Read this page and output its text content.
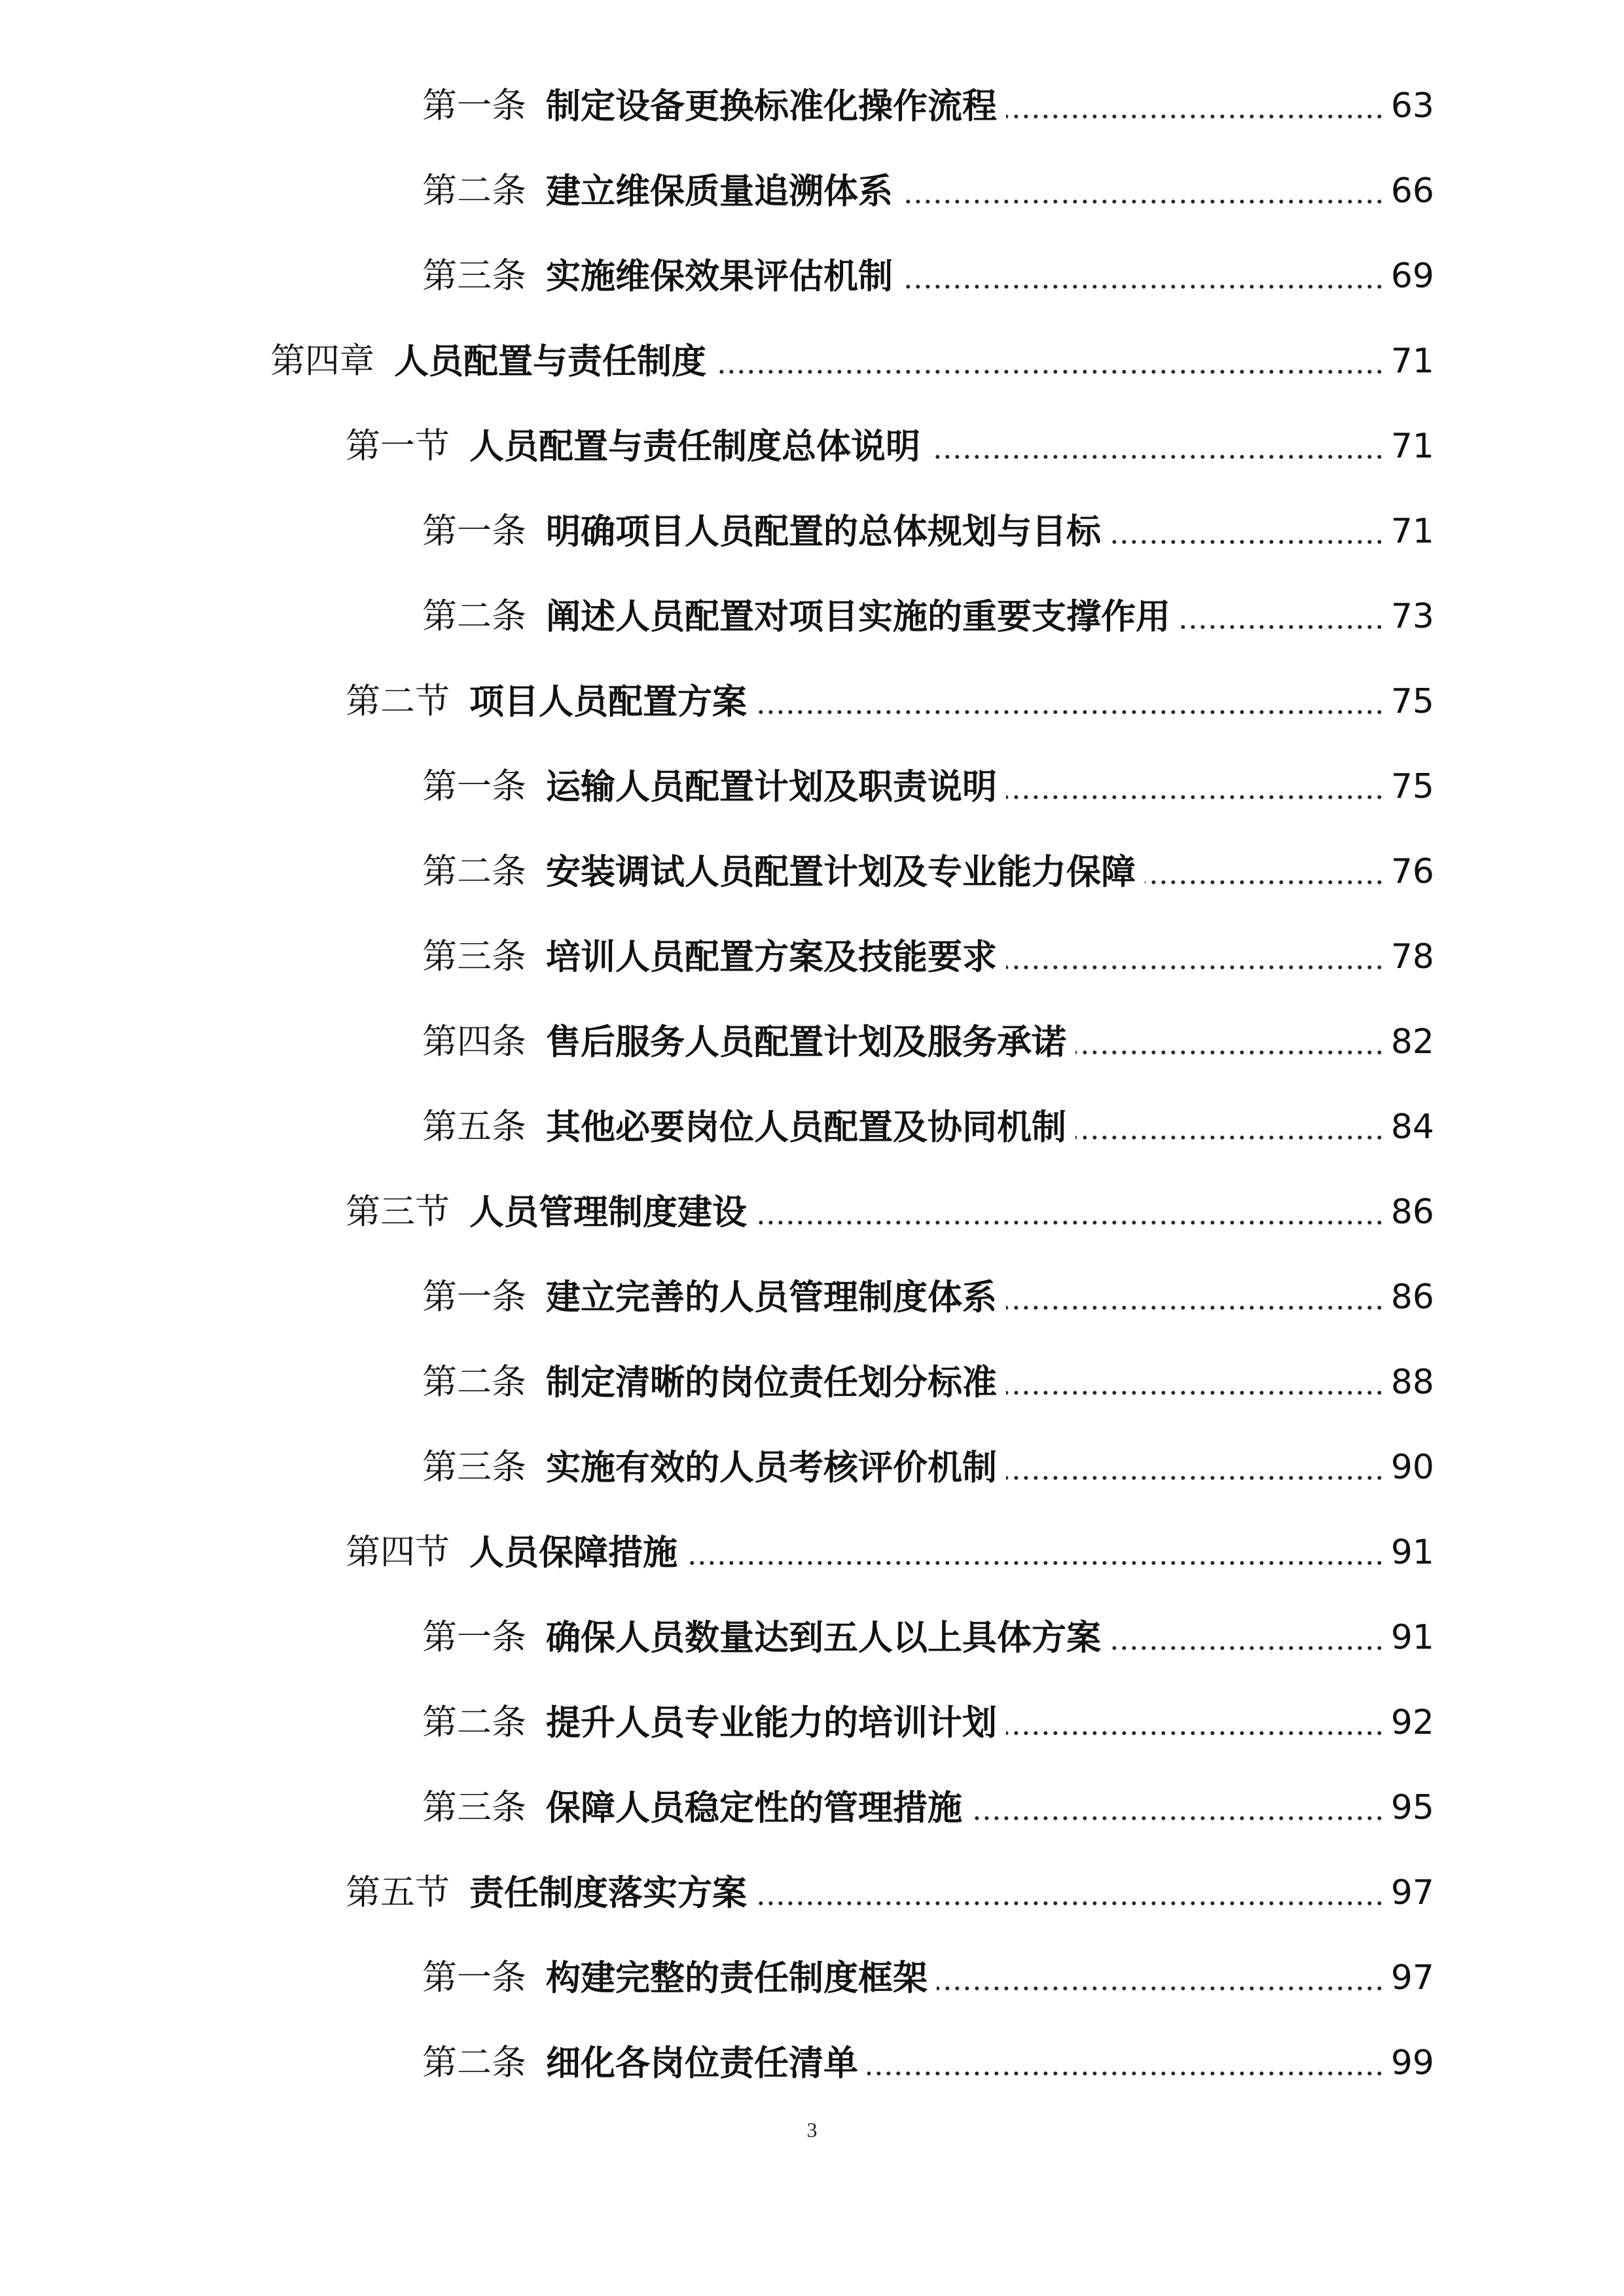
第一条 制定设备更换标准化操作流程	63
第二条 建立维保质量追溯体系	66
第三条 实施维保效果评估机制	69
第四章 人员配置与责任制度	71
第一节 人员配置与责任制度总体说明	71
第一条 明确项目人员配置的总体规划与目标	71
第二条 阐述人员配置对项目实施的重要支撑作用	73
第二节 项目人员配置方案	75
第一条 运输人员配置计划及职责说明	75
第二条 安装调试人员配置计划及专业能力保障	76
第三条 培训人员配置方案及技能要求	78
第四条 售后服务人员配置计划及服务承诺	82
第五条 其他必要岗位人员配置及协同机制	84
第三节 人员管理制度建设	86
第一条 建立完善的人员管理制度体系	86
第二条 制定清晰的岗位责任划分标准	88
第三条 实施有效的人员考核评价机制	90
第四节 人员保障措施	91
第一条 确保人员数量达到五人以上具体方案	91
第二条 提升人员专业能力的培训计划	92
第三条 保障人员稳定性的管理措施	95
第五节 责任制度落实方案	97
第一条 构建完整的责任制度框架	97
第二条 细化各岗位责任清单	99
3
